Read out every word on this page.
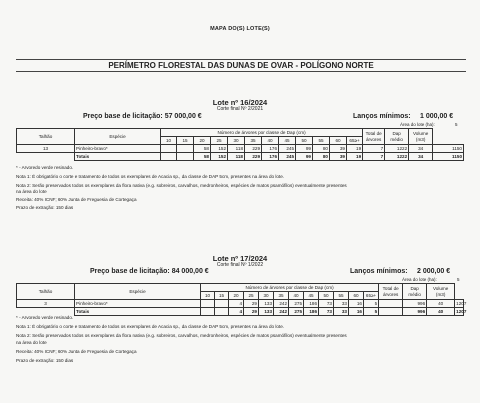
MAPA DO(S) LOTE(S)
PERÍMETRO FLORESTAL DAS DUNAS DE OVAR - POLÍGONO NORTE
Lote nº 16/2024
Corte final Nº 2/2021
Preço base de licitação: 57 000,00 €	Lanços mínimos: 1 000,00 €
Área do lote (ha):	5
Talhão	Espécie	Número de árvores por classe de Dap (cm)												Total de árvores	Dap médio	Volume (m3)	
		10	15	20	25	30	35	40	45	50	55	60	65≥+				
13	Pinheiro-bravo*			58	152	118	229	176	245	99	80	39	19	7	1222	34	1150
	Totais			58	152	118	229	176	245	99	80	39	19	7	1222	34	1150
* - Arvoredo verde resinado.
Nota 1: É obrigatório o corte e tratamento de todos os exemplares de Acacia sp., da classe de DAP 5cm, presentes na área do lote.
Nota 2: Serão preservados todos os exemplares da flora nativa (e.g. sobreiros, carvalhos, medronheiros, espécies de matos psamófilos) eventualmente presentes
na área do lote
Receita: 40% ICNF; 60% Junta de Freguesia de Cortegaça
Prazo de extração: 150 dias
Lote nº 17/2024
Corte final Nº 1/2022
Preço base de licitação: 84 000,00 €	Lanços mínimos: 2 000,00 €
Área do lote (ha):	5
Talhão	Espécie	Número de árvores por classe de Dap (cm)												Total de árvores	Dap médio	Volume (m3)	
		10	15	20	25	30	35	40	45	50	55	60	65≥+				
3	Pinheiro-bravo*			4	29	133	242	275	186	73	33	16	5		996	40	1207
	Totais			4	29	133	242	275	186	73	33	16	5		996	40	1207
* - Arvoredo verde resinado.
Nota 1: É obrigatório o corte e tratamento de todos os exemplares de Acacia sp., da classe de DAP 5cm, presentes na área do lote.
Nota 2: Serão preservados todos os exemplares da flora nativa (e.g. sobreiros, carvalhos, medronheiros, espécies de matos psamófilos) eventualmente presentes
na área do lote
Receita: 40% ICNF; 60% Junta de Freguesia de Cortegaça
Prazo de extração: 150 dias
